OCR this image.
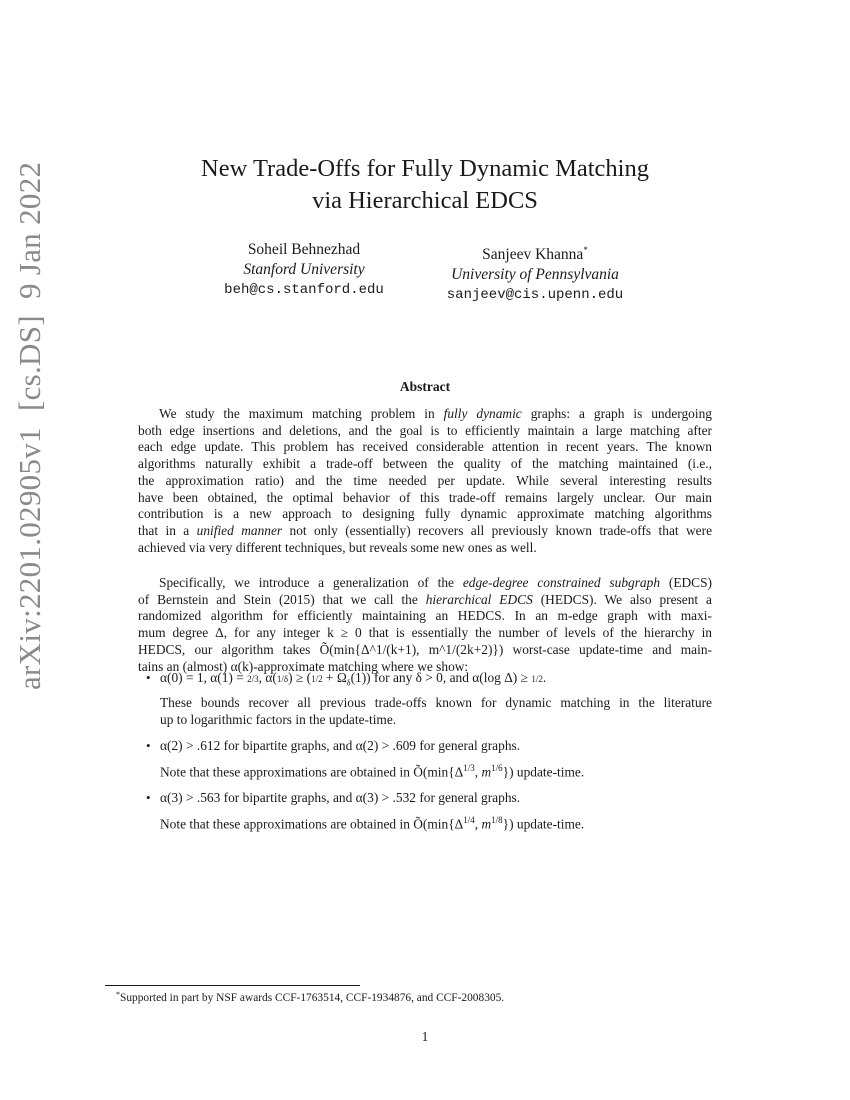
arXiv:2201.02905v1  [cs.DS]  9 Jan 2022	New Trade-Offs for Fully Dynamic Matching
via Hierarchical EDCS
Soheil Behnezhad
Stanford University
beh@cs.stanford.edu
Sanjeev Khanna*
University of Pennsylvania
sanjeev@cis.upenn.edu
Abstract
We study the maximum matching problem in fully dynamic graphs: a graph is undergoing
both edge insertions and deletions, and the goal is to efficiently maintain a large matching after
each edge update. This problem has received considerable attention in recent years. The known
algorithms naturally exhibit a trade-off between the quality of the matching maintained (i.e.,
the approximation ratio) and the time needed per update. While several interesting results
have been obtained, the optimal behavior of this trade-off remains largely unclear. Our main
contribution is a new approach to designing fully dynamic approximate matching algorithms
that in a unified manner not only (essentially) recovers all previously known trade-offs that were
achieved via very different techniques, but reveals some new ones as well.
Specifically, we introduce a generalization of the edge-degree constrained subgraph (EDCS)
of Bernstein and Stein (2015) that we call the hierarchical EDCS (HEDCS). We also present a
randomized algorithm for efficiently maintaining an HEDCS. In an m-edge graph with maxi-
mum degree Δ, for any integer k ≥ 0 that is essentially the number of levels of the hierarchy in
HEDCS, our algorithm takes Õ(min{Δ^1/(k+1), m^1/(2k+2)}) worst-case update-time and main-
tains an (almost) α(k)-approximate matching where we show:
• α(0) = 1, α(1) = 2/3, $\alpha(1/\delta) \ge (1/2 + \Omega_\delta(1))$ for any δ > 0, and α(log Δ) ≥ 1/2.
These bounds recover all previous trade-offs known for dynamic matching in the literature
up to logarithmic factors in the update-time.
• α(2) > .612 for bipartite graphs, and α(2) > .609 for general graphs.
Note that these approximations are obtained in $Õ(\min\{\Delta^{1/3}$, $m^{1/6}$}) update-time.
• α(3) > .563 for bipartite graphs, and α(3) > .532 for general graphs.
Note that these approximations are obtained in $Õ(\min\{\Delta^{1/4}$, $m^{1/8}$}) update-time.
*Supported in part by NSF awards CCF-1763514, CCF-1934876, and CCF-2008305.
1
